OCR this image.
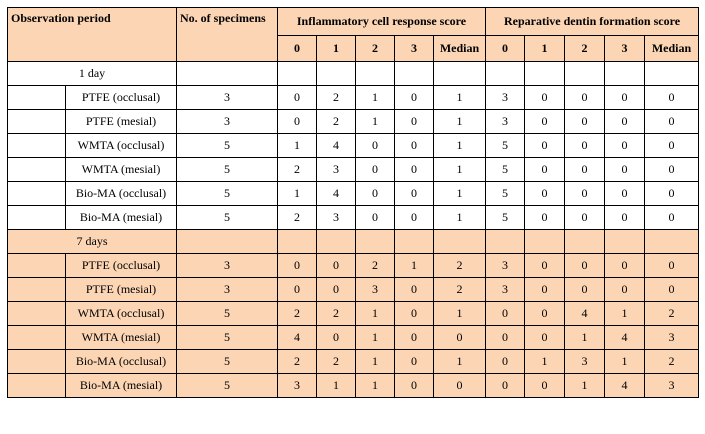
Observation period		No. of specimens	Inflammatory cell response score					Reparative dentin formation score				
			0	1	2	3	Median	0	1	2	3	Median
1 day												
	PTFE (occlusal)	3	0	2	1	0	1	3	0	0	0	0
	PTFE (mesial)	3	0	2	1	0	1	3	0	0	0	0
	WMTA (occlusal)	5	1	4	0	0	1	5	0	0	0	0
	WMTA (mesial)	5	2	3	0	0	1	5	0	0	0	0
	Bio-MA (occlusal)	5	1	4	0	0	1	5	0	0	0	0
	Bio-MA (mesial)	5	2	3	0	0	1	5	0	0	0	0
7 days												
	PTFE (occlusal)	3	0	0	2	1	2	3	0	0	0	0
	PTFE (mesial)	3	0	0	3	0	2	3	0	0	0	0
	WMTA (occlusal)	5	2	2	1	0	1	0	0	4	1	2
	WMTA (mesial)	5	4	0	1	0	0	0	0	1	4	3
	Bio-MA (occlusal)	5	2	2	1	0	1	0	1	3	1	2
	Bio-MA (mesial)	5	3	1	1	0	0	0	0	1	4	3
